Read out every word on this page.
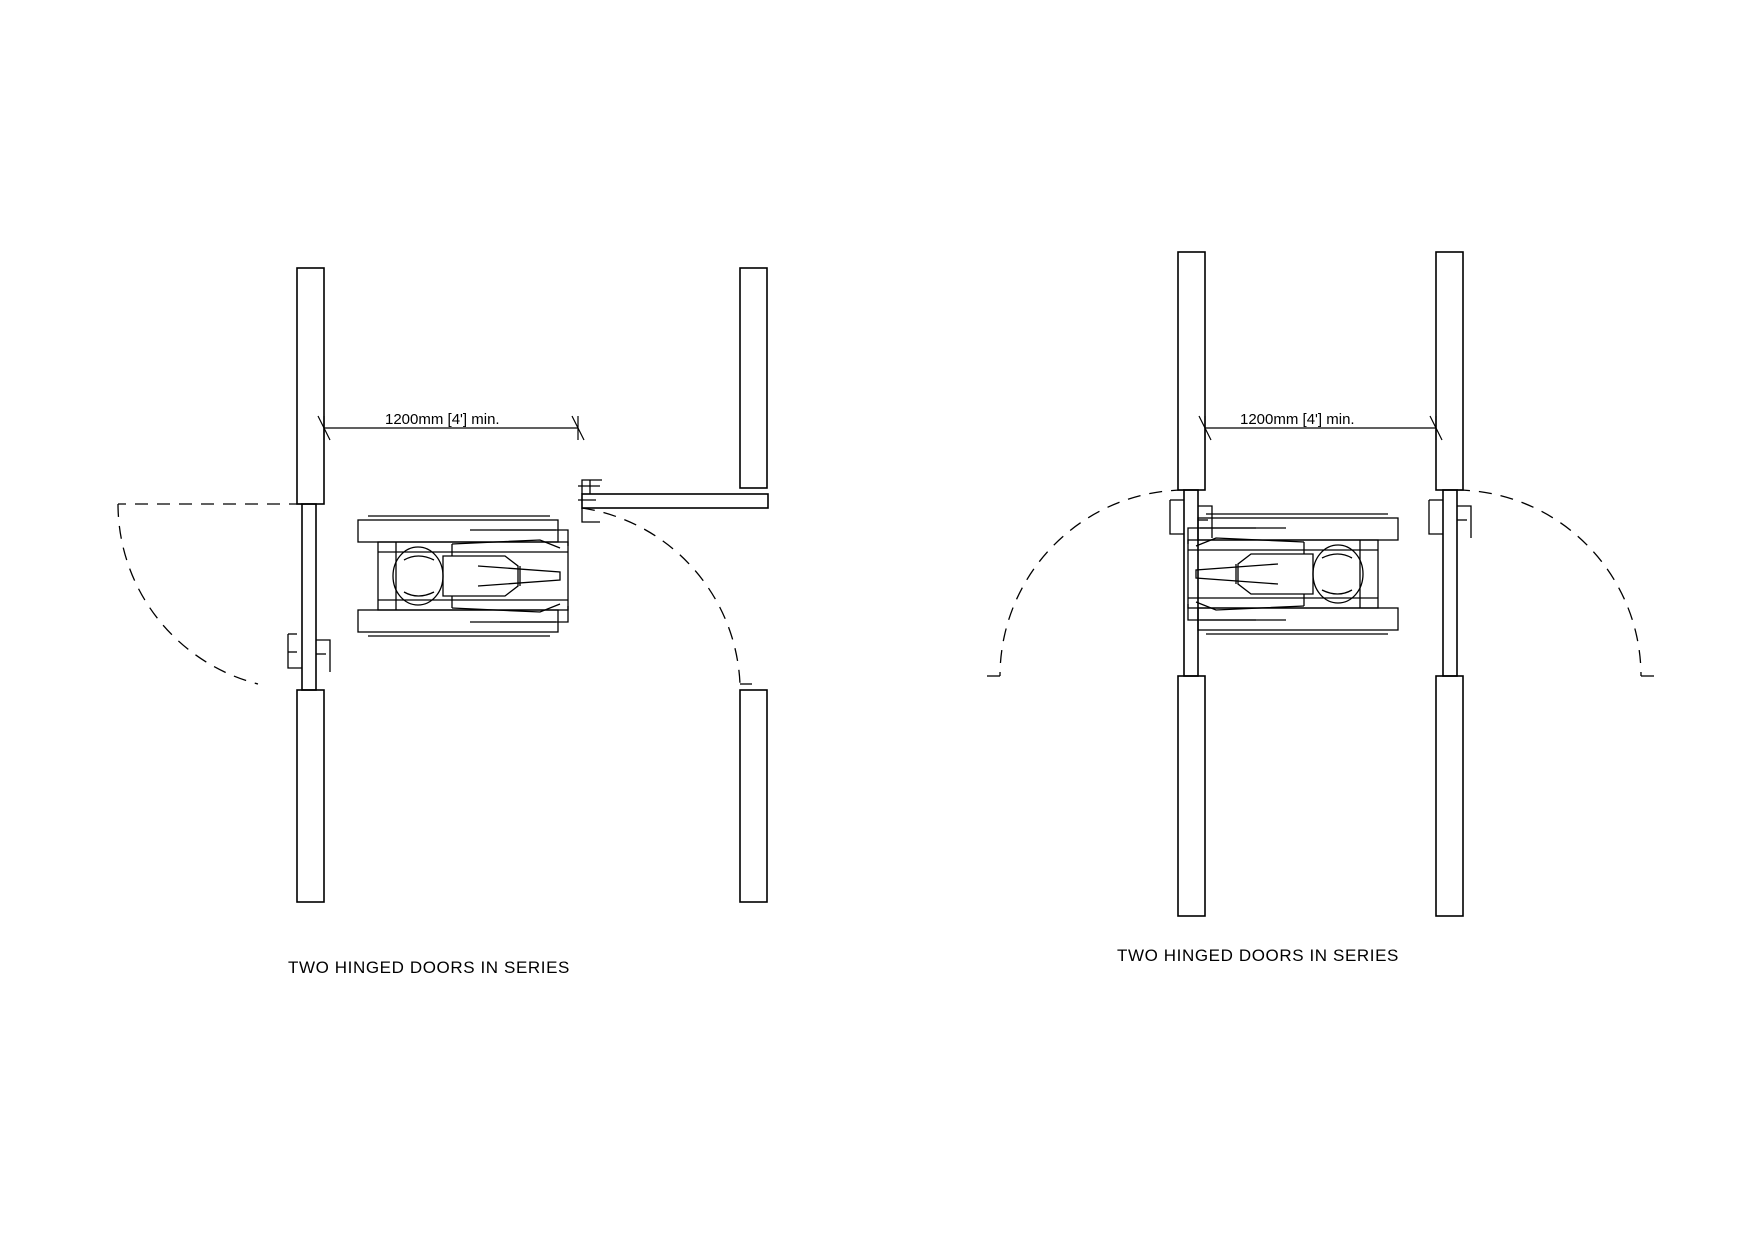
1200mm [4'] min.	1200mm [4'] min.
TWO HINGED DOORS IN SERIES
TWO HINGED DOORS IN SERIES
